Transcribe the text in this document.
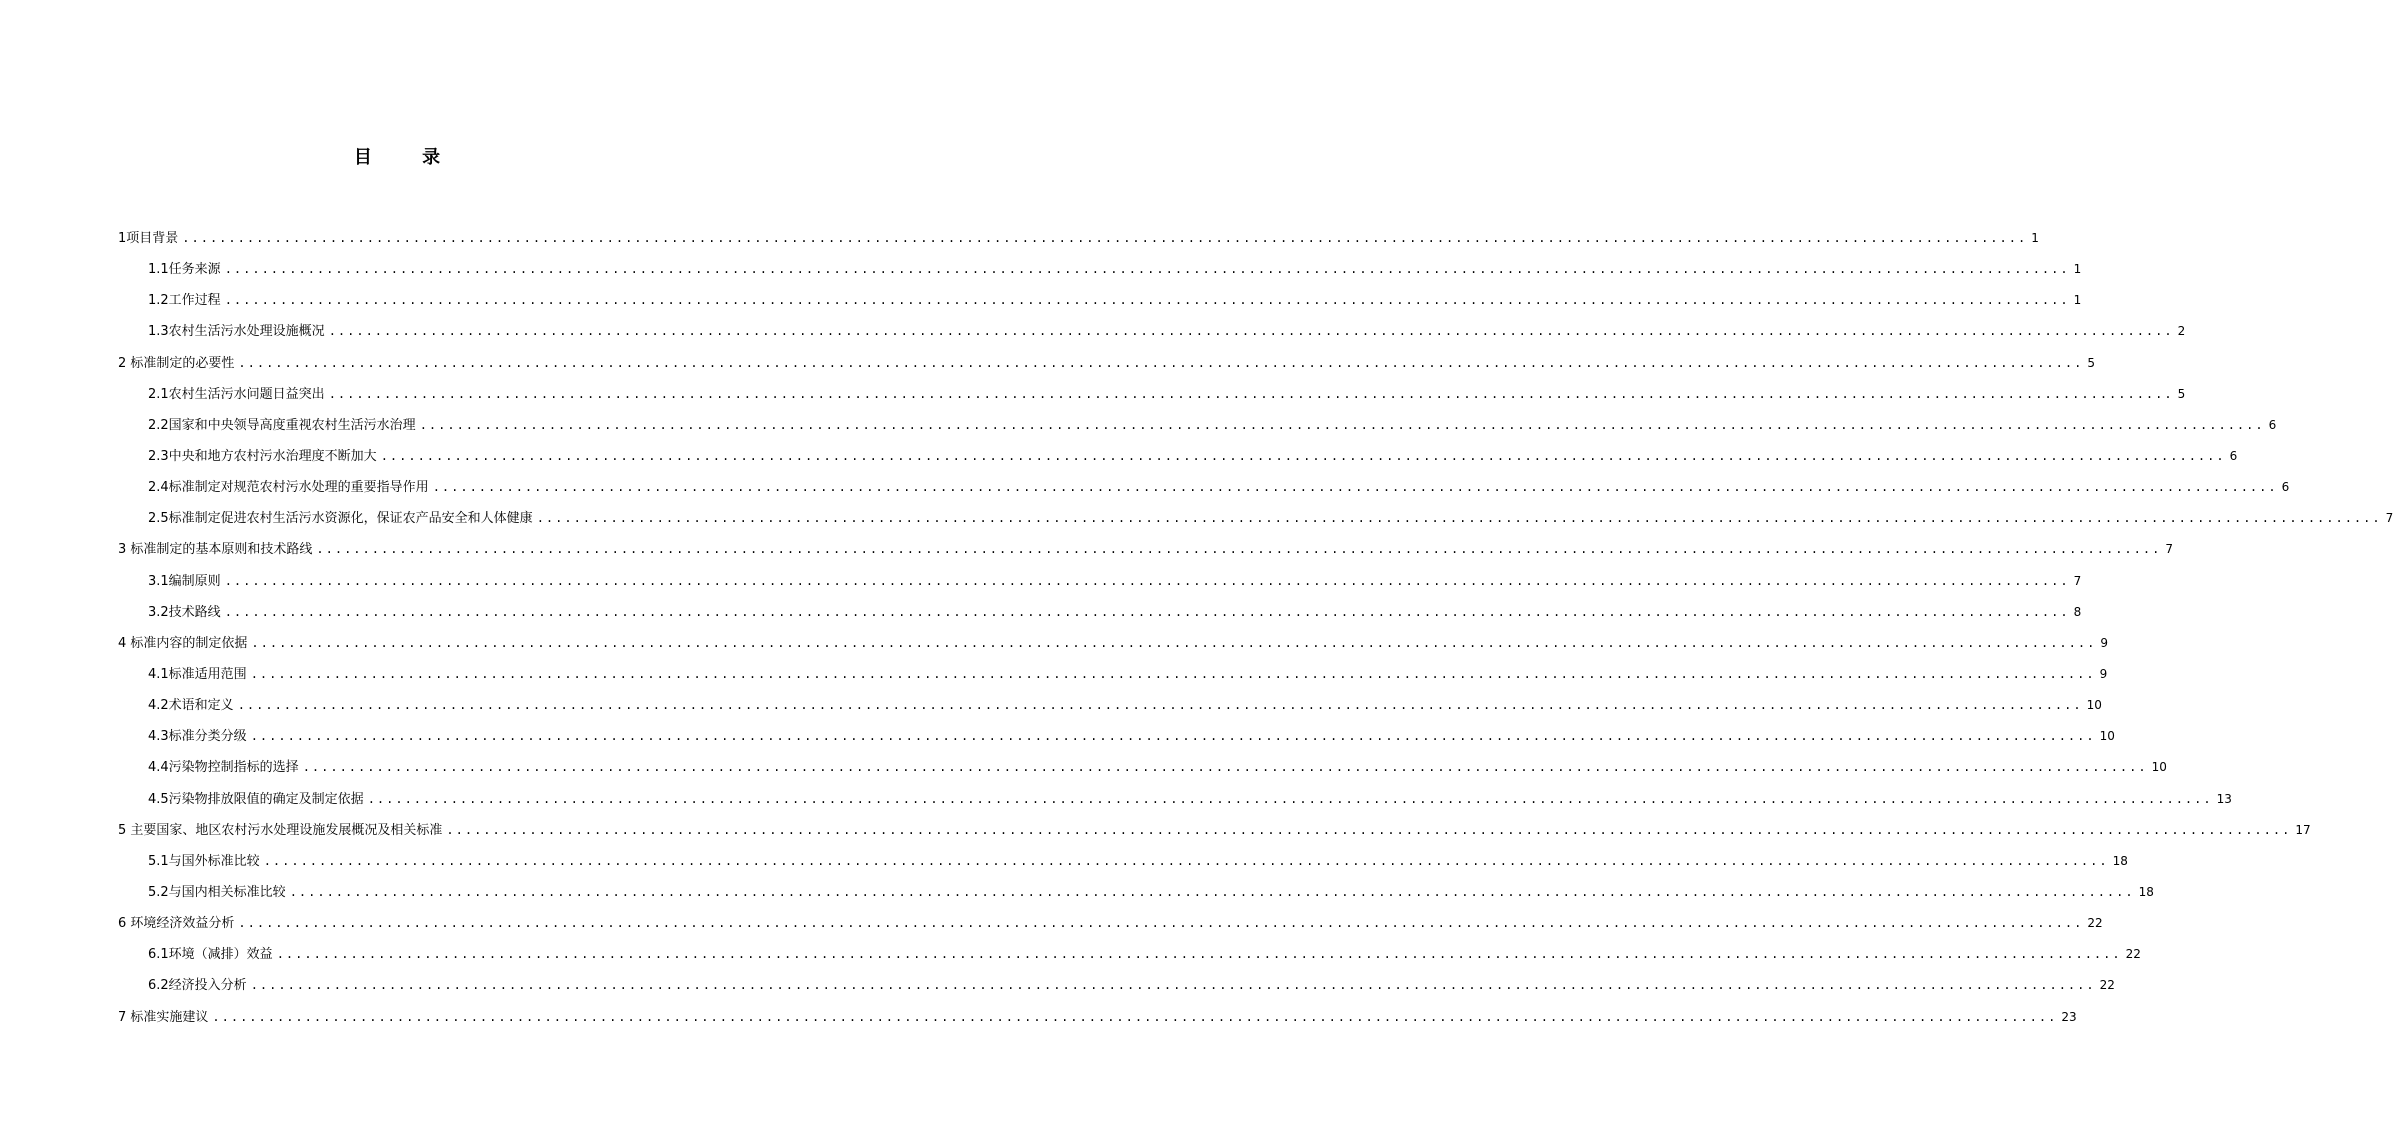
目 录
1项目背景 ........................................................................................................................................................................................................ 1
1.1任务来源 ........................................................................................................................................................................................................ 1
1.2工作过程 ........................................................................................................................................................................................................ 1
1.3农村生活污水处理设施概况 ........................................................................................................................................................................................................ 2
2 标准制定的必要性 ........................................................................................................................................................................................................ 5
2.1农村生活污水问题日益突出 ........................................................................................................................................................................................................ 5
2.2国家和中央领导高度重视农村生活污水治理 ........................................................................................................................................................................................................ 6
2.3中央和地方农村污水治理度不断加大 ........................................................................................................................................................................................................ 6
2.4标准制定对规范农村污水处理的重要指导作用 ........................................................................................................................................................................................................ 6
2.5标准制定促进农村生活污水资源化，保证农产品安全和人体健康 ........................................................................................................................................................................................................ 7
3 标准制定的基本原则和技术路线 ........................................................................................................................................................................................................ 7
3.1编制原则 ........................................................................................................................................................................................................ 7
3.2技术路线 ........................................................................................................................................................................................................ 8
4 标准内容的制定依据 ........................................................................................................................................................................................................ 9
4.1标准适用范围 ........................................................................................................................................................................................................ 9
4.2术语和定义 ........................................................................................................................................................................................................ 10
4.3标准分类分级 ........................................................................................................................................................................................................ 10
4.4污染物控制指标的选择 ........................................................................................................................................................................................................ 10
4.5污染物排放限值的确定及制定依据 ........................................................................................................................................................................................................ 13
5 主要国家、地区农村污水处理设施发展概况及相关标准 ........................................................................................................................................................................................................ 17
5.1与国外标准比较 ........................................................................................................................................................................................................ 18
5.2与国内相关标准比较 ........................................................................................................................................................................................................ 18
6 环境经济效益分析 ........................................................................................................................................................................................................ 22
6.1环境（减排）效益 ........................................................................................................................................................................................................ 22
6.2经济投入分析 ........................................................................................................................................................................................................ 22
7 标准实施建议 ........................................................................................................................................................................................................ 23
